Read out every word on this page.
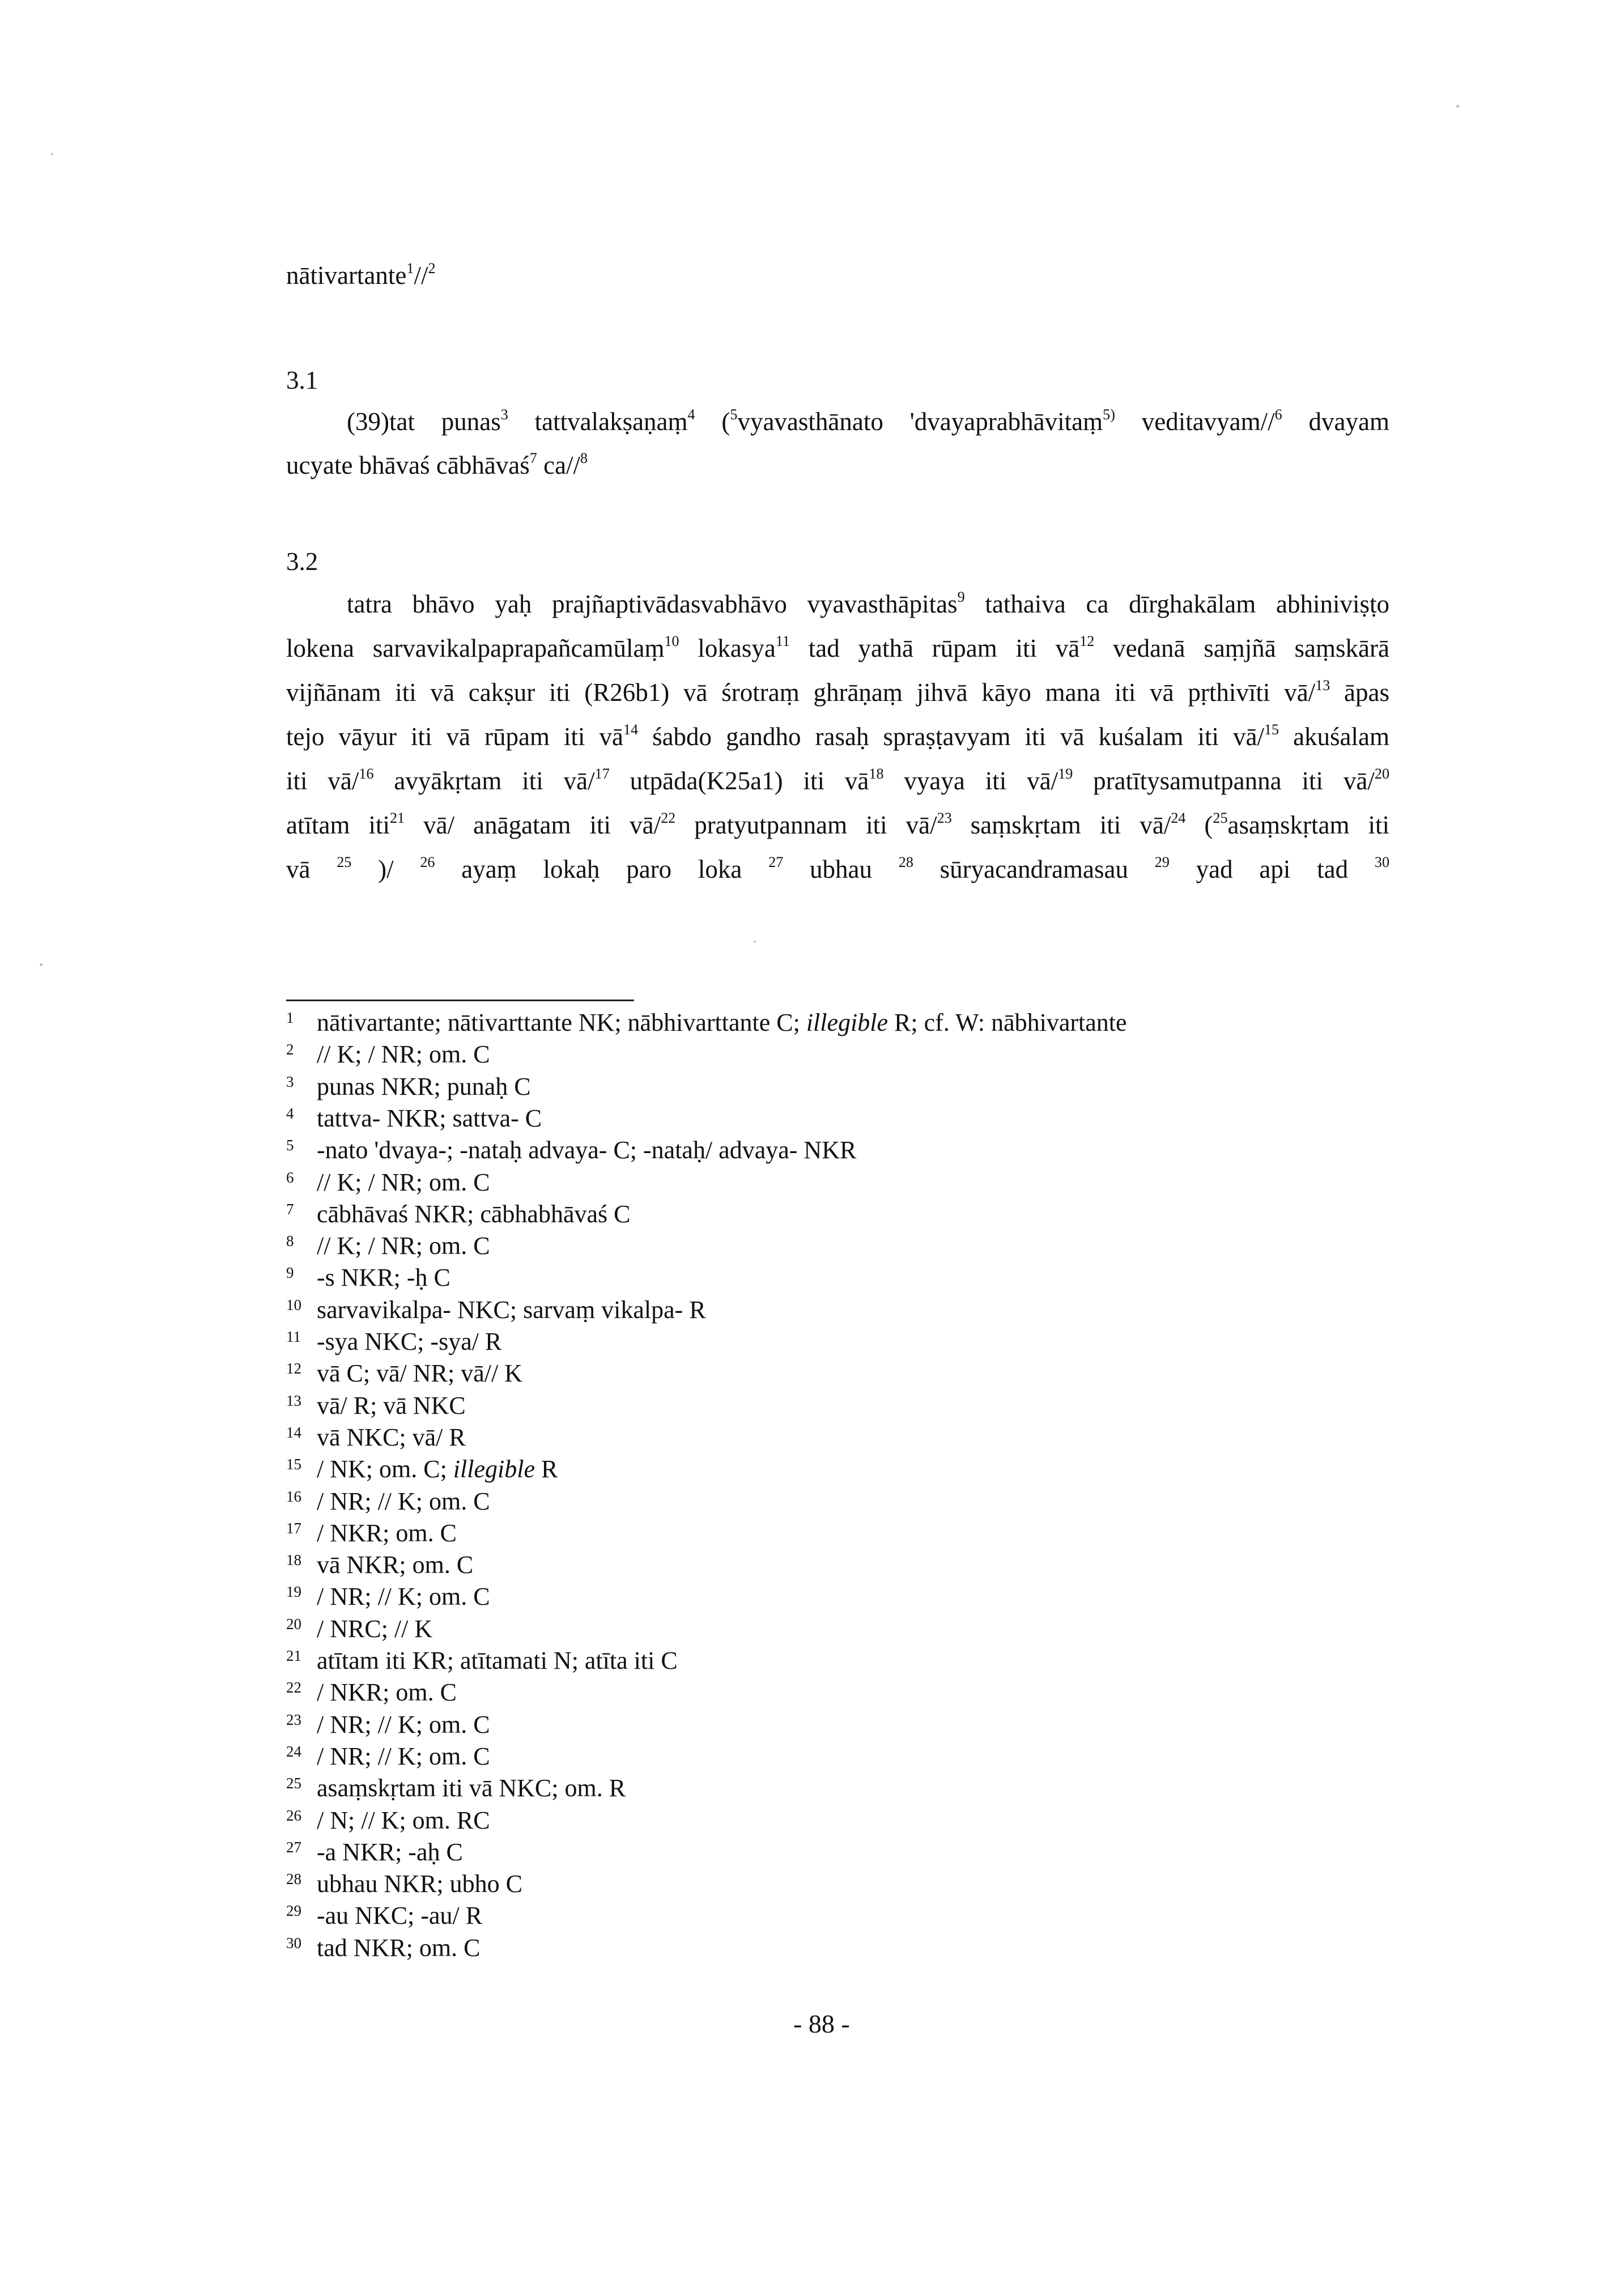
nātivartante$^1$//$^2$
3.1
(39)tat punas$^3$ tattvalakṣaṇaṃ$^4$ ($^5$vyavasthānato 'dvayaprabhāvitaṃ$^{5)}$ veditavyam//$^6$ dvayam
ucyate bhāvaś cābhāvaś$^7$ ca//$^8$
3.2
tatra bhāvo yaḥ prajñaptivādasvabhāvo vyavasthāpitas$^9$ tathaiva ca dīrghakālam abhiniviṣṭo
lokena sarvavikalpaprapañcamūlaṃ$^{10}$ lokasya$^{11}$ tad yathā rūpam iti $vā^{12}$ vedanā saṃjñā saṃskārā
vijñānam iti vā cakṣur iti (R26b1) vā śrotraṃ ghrāṇaṃ jihvā kāyo mana iti vā pṛthivīti vā/$^{13}$ āpas
tejo vāyur iti vā rūpam iti $vā^{14}$ śabdo gandho rasaḥ spraṣṭavyam iti vā kuśalam iti vā/$^{15}$ akuśalam
iti vā/$^{16}$ avyākṛtam iti vā/$^{17}$ utpāda(K25a1) iti $vā^{18}$ vyaya iti vā/$^{19}$ pratītysamutpanna iti vā/$^{20}$
atītam iti$^{21}$ vā/ anāgatam iti vā/$^{22}$ pratyutpannam iti vā/$^{23}$ saṃskṛtam iti vā/$^{24}$ ($^{25}$asaṃskṛtam iti
vā $^{25}$ )/ $^{26}$ ayaṃ lokaḥ paro loka $^{27}$ ubhau $^{28}$ sūryacandramasau $^{29}$ yad api tad $^{30}$
1 nātivartante; nātivarttante NK; nābhivarttante C; illegible R; cf. W: nābhivartante
2 // K; / NR; om. C
3 punas NKR; punaḥ C
4 tattva- NKR; sattva- C
5 -nato 'dvaya-; -nataḥ advaya- C; -nataḥ/ advaya- NKR
6 // K; / NR; om. C
7 cābhāvaś NKR; cābhabhāvaś C
8 // K; / NR; om. C
9 -s NKR; -ḥ C
10 sarvavikalpa- NKC; sarvaṃ vikalpa- R
11 -sya NKC; -sya/ R
12 vā C; vā/ NR; vā// K
13 vā/ R; vā NKC
14 vā NKC; vā/ R
15 / NK; om. C; illegible R
16 / NR; // K; om. C
17 / NKR; om. C
18 vā NKR; om. C
19 / NR; // K; om. C
20 / NRC; // K
21 atītam iti KR; atītamati N; atīta iti C
22 / NKR; om. C
23 / NR; // K; om. C
24 / NR; // K; om. C
25 asaṃskṛtam iti vā NKC; om. R
26 / N; // K; om. RC
27 -a NKR; -aḥ C
28 ubhau NKR; ubho C
29 -au NKC; -au/ R
30 tad NKR; om. C
- 88 -
